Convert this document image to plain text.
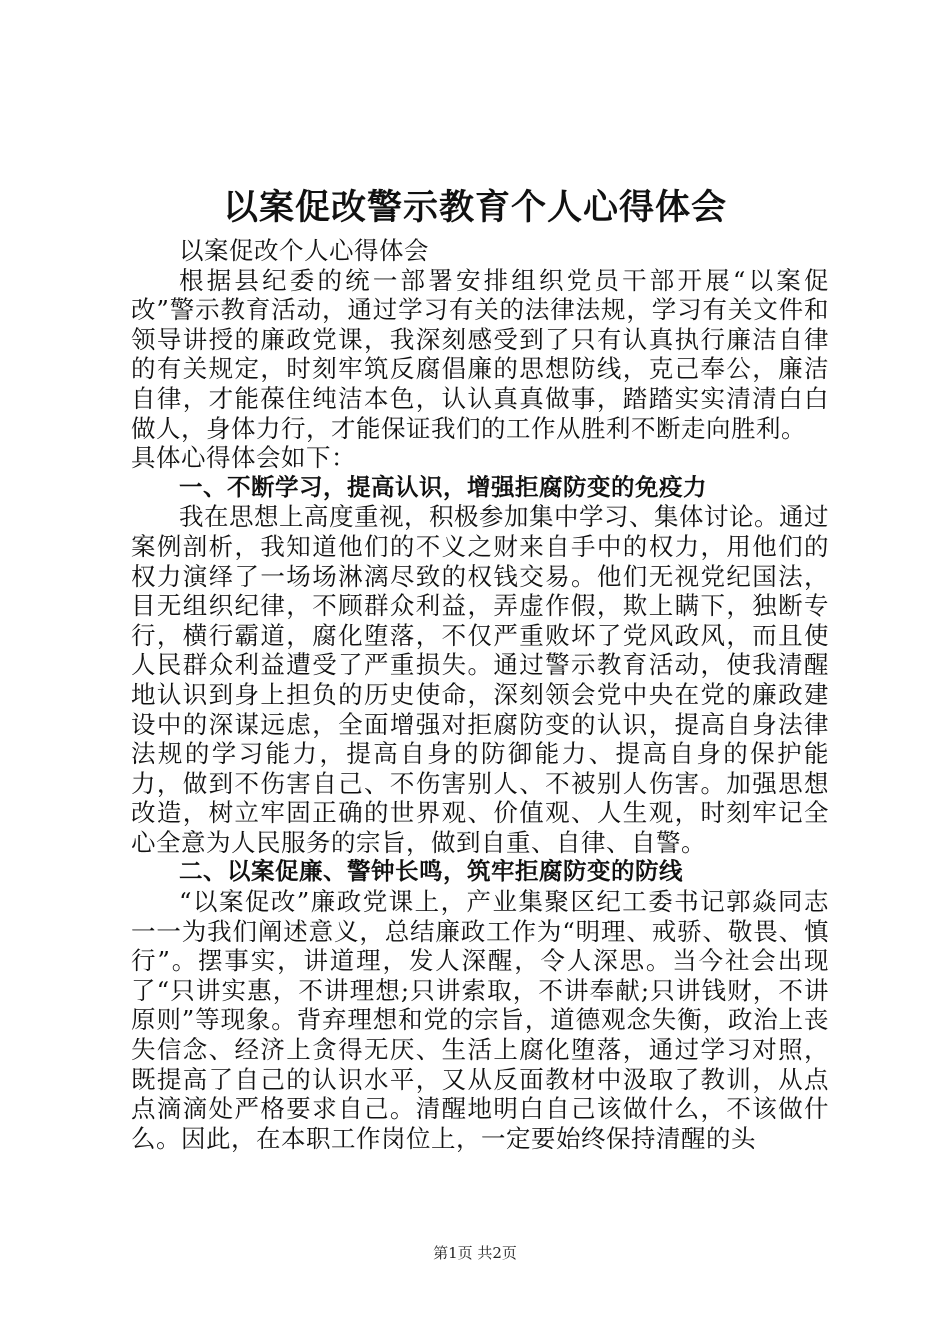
以案促改警示教育个人心得体会

以案促改个人心得体会

根据县纪委的统一部署安排组织党员干部开展“以案促改”警示教育活动，通过学习有关的法律法规，学习有关文件和领导讲授的廉政党课，我深刻感受到了只有认真执行廉洁自律的有关规定，时刻牢筑反腐倡廉的思想防线，克己奉公，廉洁自律，才能葆住纯洁本色，认认真真做事，踏踏实实清清白白做人，身体力行，才能保证我们的工作从胜利不断走向胜利。

具体心得体会如下：

一、不断学习，提高认识，增强拒腐防变的免疫力

我在思想上高度重视，积极参加集中学习、集体讨论。通过案例剖析，我知道他们的不义之财来自手中的权力，用他们的权力演绎了一场场淋漓尽致的权钱交易。他们无视党纪国法，目无组织纪律，不顾群众利益，弄虚作假，欺上瞒下，独断专行，横行霸道，腐化堕落，不仅严重败坏了党风政风，而且使人民群众利益遭受了严重损失。通过警示教育活动，使我清醒地认识到身上担负的历史使命，深刻领会党中央在党的廉政建设中的深谋远虑，全面增强对拒腐防变的认识，提高自身法律法规的学习能力，提高自身的防御能力、提高自身的保护能力，做到不伤害自己、不伤害别人、不被别人伤害。加强思想改造，树立牢固正确的世界观、价值观、人生观，时刻牢记全心全意为人民服务的宗旨，做到自重、自律、自警。

二、以案促廉、警钟长鸣，筑牢拒腐防变的防线

“以案促改”廉政党课上，产业集聚区纪工委书记郭焱同志一一为我们阐述意义，总结廉政工作为“明理、戒骄、敬畏、慎行”。摆事实，讲道理，发人深醒，令人深思。当今社会出现了“只讲实惠，不讲理想;只讲索取，不讲奉献;只讲钱财，不讲原则”等现象。背弃理想和党的宗旨，道德观念失衡，政治上丧失信念、经济上贪得无厌、生活上腐化堕落，通过学习对照，既提高了自己的认识水平，又从反面教材中汲取了教训，从点点滴滴处严格要求自己。清醒地明白自己该做什么，不该做什么。因此，在本职工作岗位上，一定要始终保持清醒的头

第1页 共2页
